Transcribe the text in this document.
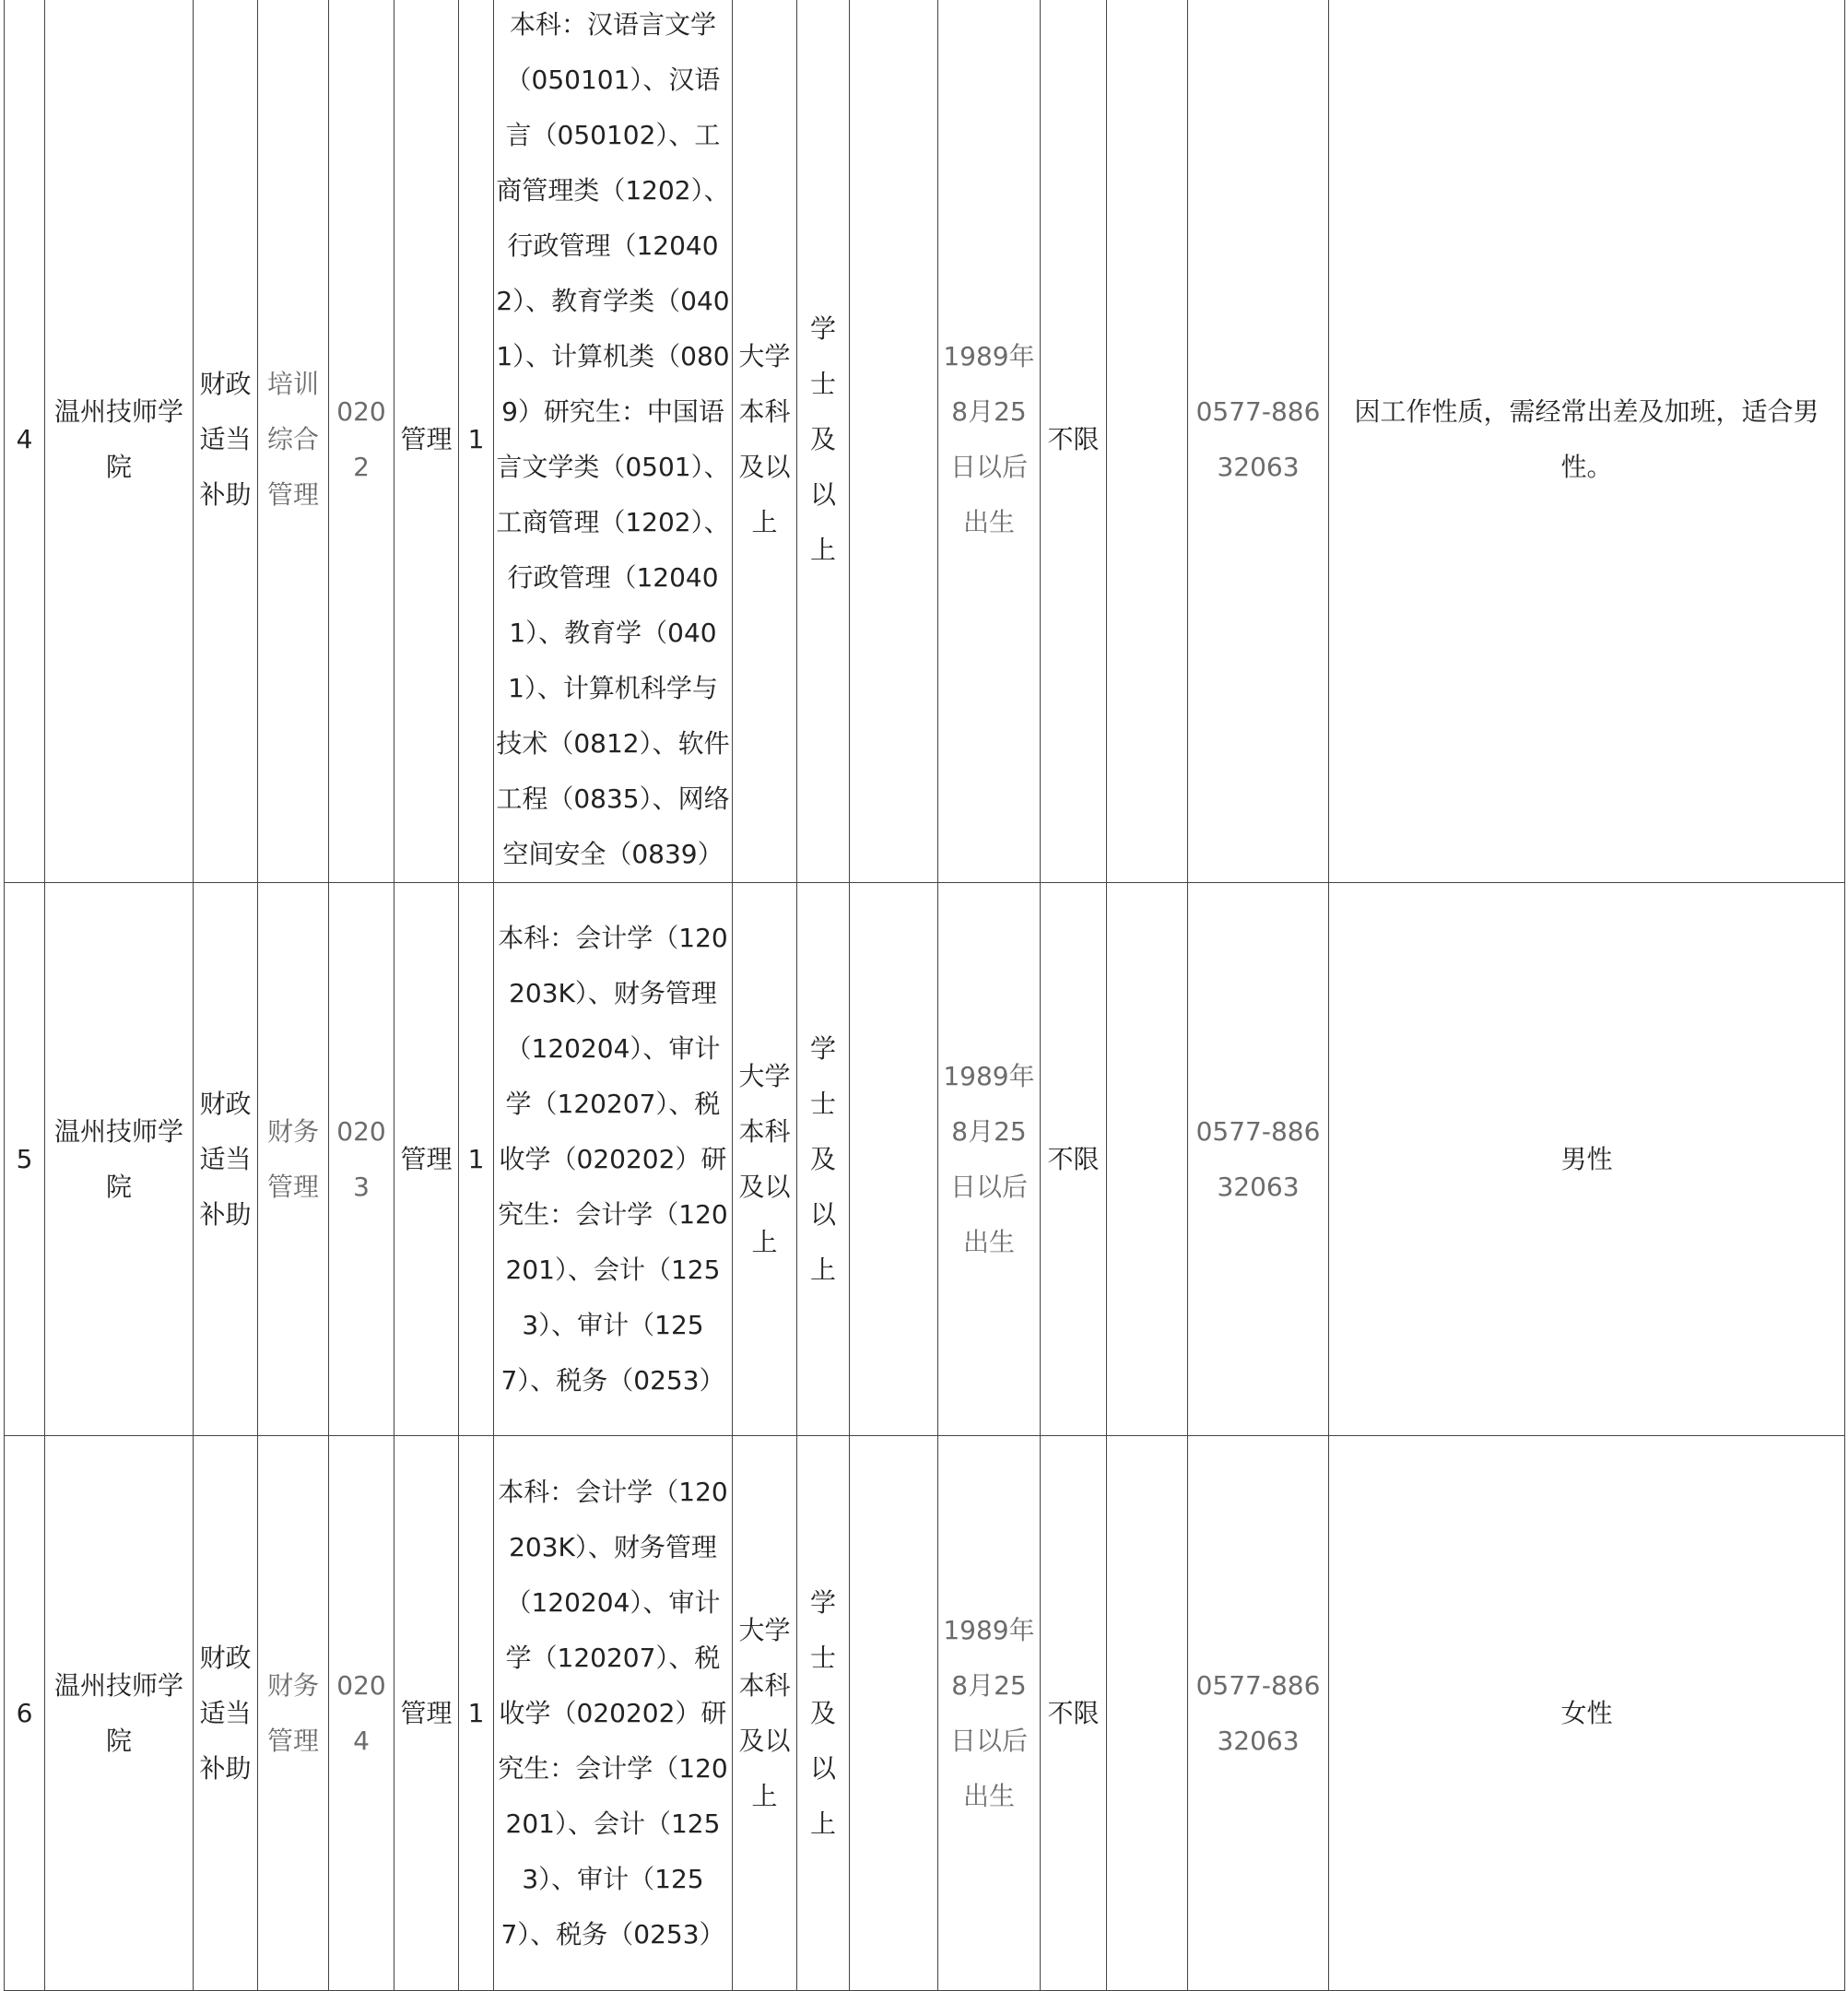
4	温州技师学院	财政适当补助	培训综合管理	0202	管理	1	本科：汉语言文学（050101）、汉语言（050102）、工商管理类（1202）、行政管理（120402）、教育学类（0401）、计算机类（0809）研究生：中国语言文学类（0501）、工商管理（1202）、行政管理（120401）、教育学（0401）、计算机科学与技术（0812）、软件工程（0835）、网络空间安全（0839）	大学本科及以上	学士及以上		1989年8月25日以后出生	不限		0577-88632063	因工作性质，需经常出差及加班，适合男性。
5	温州技师学院	财政适当补助	财务管理	0203	管理	1	本科：会计学（120203K）、财务管理（120204）、审计学（120207）、税收学（020202）研究生：会计学（120201）、会计（1253）、审计（1257）、税务（0253）	大学本科及以上	学士及以上		1989年8月25日以后出生	不限		0577-88632063	男性
6	温州技师学院	财政适当补助	财务管理	0204	管理	1	本科：会计学（120203K）、财务管理（120204）、审计学（120207）、税收学（020202）研究生：会计学（120201）、会计（1253）、审计（1257）、税务（0253）	大学本科及以上	学士及以上		1989年8月25日以后出生	不限		0577-88632063	女性
